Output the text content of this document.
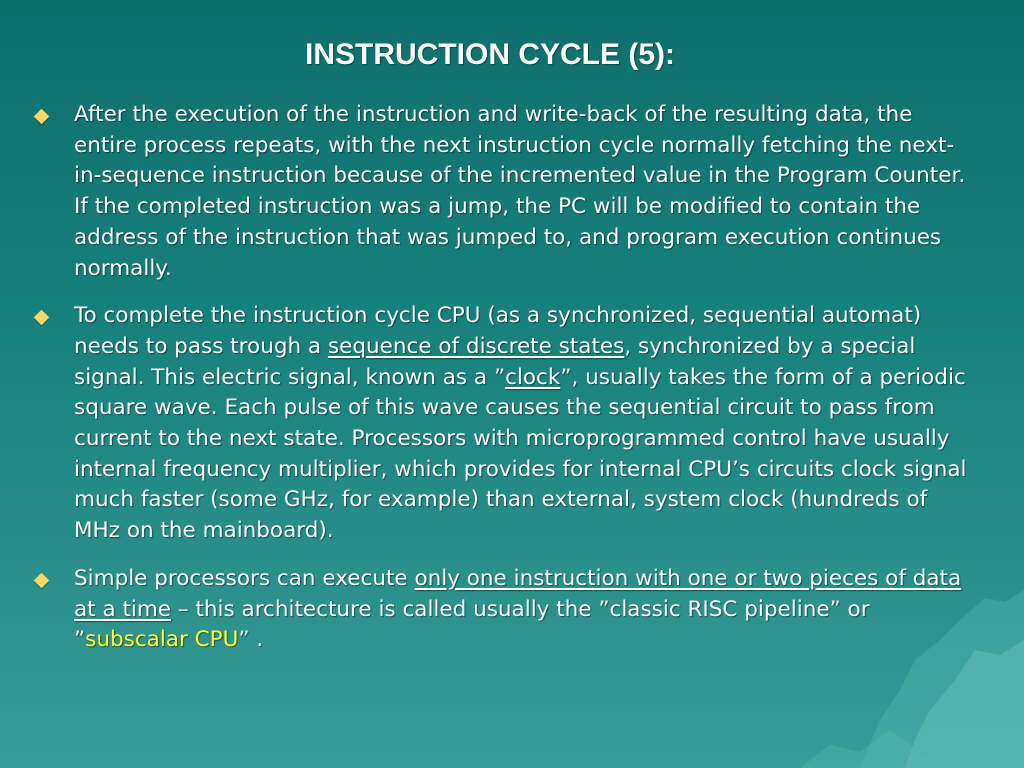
INSTRUCTION CYCLE (5):
After the execution of the instruction and write-back of the resulting data, the entire process repeats, with the next instruction cycle normally fetching the next-in-sequence instruction because of the incremented value in the Program Counter. If the completed instruction was a jump, the PC will be modified to contain the address of the instruction that was jumped to, and program execution continues normally.
To complete the instruction cycle CPU (as a synchronized, sequential automat) needs to pass trough a sequence of discrete states, synchronized by a special signal. This electric signal, known as a ”clock”, usually takes the form of a periodic square wave. Each pulse of this wave causes the sequential circuit to pass from current to the next state. Processors with microprogrammed control have usually internal frequency multiplier, which provides for internal CPU’s circuits clock signal much faster (some GHz, for example) than external, system clock (hundreds of MHz on the mainboard).
Simple processors can execute only one instruction with one or two pieces of data at a time – this architecture is called usually the ”classic RISC pipeline” or ”subscalar CPU” .
